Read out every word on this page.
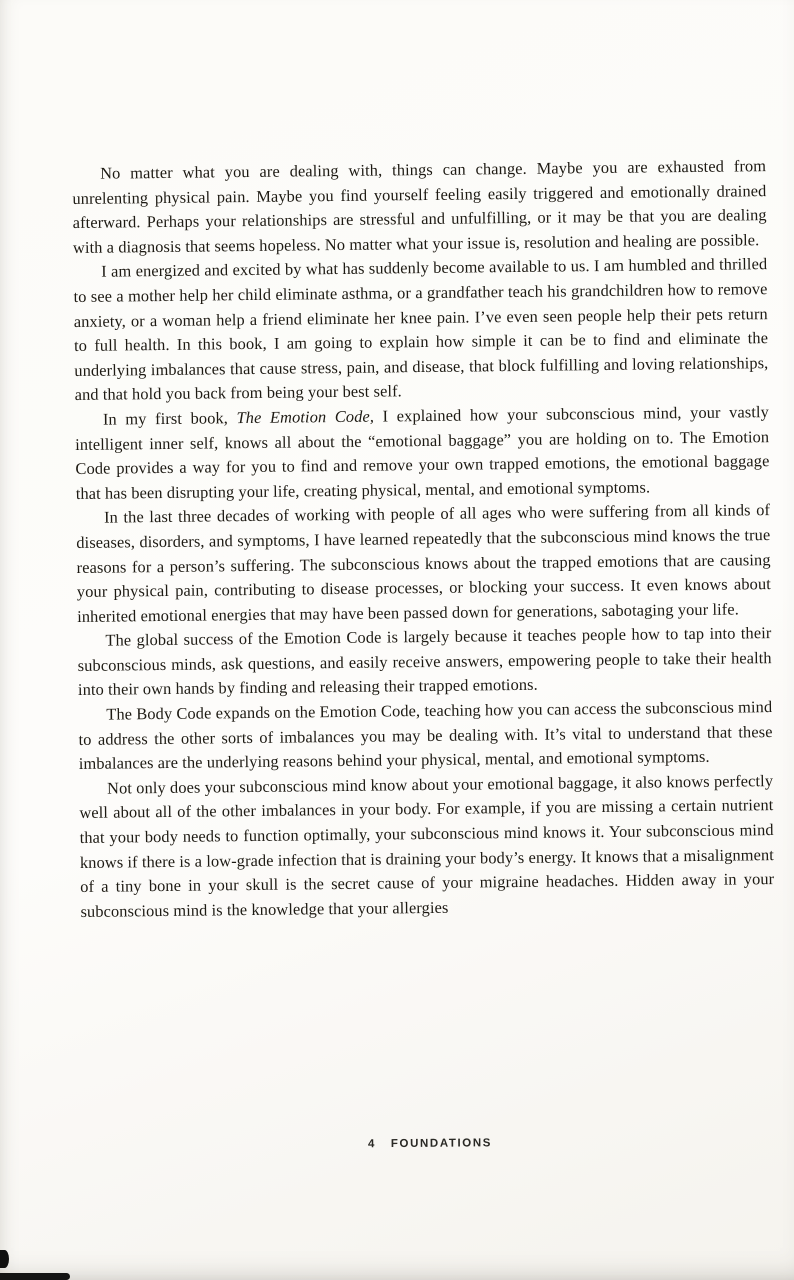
No matter what you are dealing with, things can change. Maybe you are exhausted from unrelenting physical pain. Maybe you find yourself feeling easily triggered and emotionally drained afterward. Perhaps your relationships are stressful and unfulfilling, or it may be that you are dealing with a diagnosis that seems hopeless. No matter what your issue is, resolution and healing are possible.

I am energized and excited by what has suddenly become available to us. I am humbled and thrilled to see a mother help her child eliminate asthma, or a grandfather teach his grandchildren how to remove anxiety, or a woman help a friend eliminate her knee pain. I’ve even seen people help their pets return to full health. In this book, I am going to explain how simple it can be to find and eliminate the underlying imbalances that cause stress, pain, and disease, that block fulfilling and loving relationships, and that hold you back from being your best self.

In my first book, The Emotion Code, I explained how your subconscious mind, your vastly intelligent inner self, knows all about the “emotional baggage” you are holding on to. The Emotion Code provides a way for you to find and remove your own trapped emotions, the emotional baggage that has been disrupting your life, creating physical, mental, and emotional symptoms.

In the last three decades of working with people of all ages who were suffering from all kinds of diseases, disorders, and symptoms, I have learned repeatedly that the subconscious mind knows the true reasons for a person’s suffering. The subconscious knows about the trapped emotions that are causing your physical pain, contributing to disease processes, or blocking your success. It even knows about inherited emotional energies that may have been passed down for generations, sabotaging your life.

The global success of the Emotion Code is largely because it teaches people how to tap into their subconscious minds, ask questions, and easily receive answers, empowering people to take their health into their own hands by finding and releasing their trapped emotions.

The Body Code expands on the Emotion Code, teaching how you can access the subconscious mind to address the other sorts of imbalances you may be dealing with. It’s vital to understand that these imbalances are the underlying reasons behind your physical, mental, and emotional symptoms.

Not only does your subconscious mind know about your emotional baggage, it also knows perfectly well about all of the other imbalances in your body. For example, if you are missing a certain nutrient that your body needs to function optimally, your subconscious mind knows it. Your subconscious mind knows if there is a low-grade infection that is draining your body’s energy. It knows that a misalignment of a tiny bone in your skull is the secret cause of your migraine headaches. Hidden away in your subconscious mind is the knowledge that your allergies

4 FOUNDATIONS
